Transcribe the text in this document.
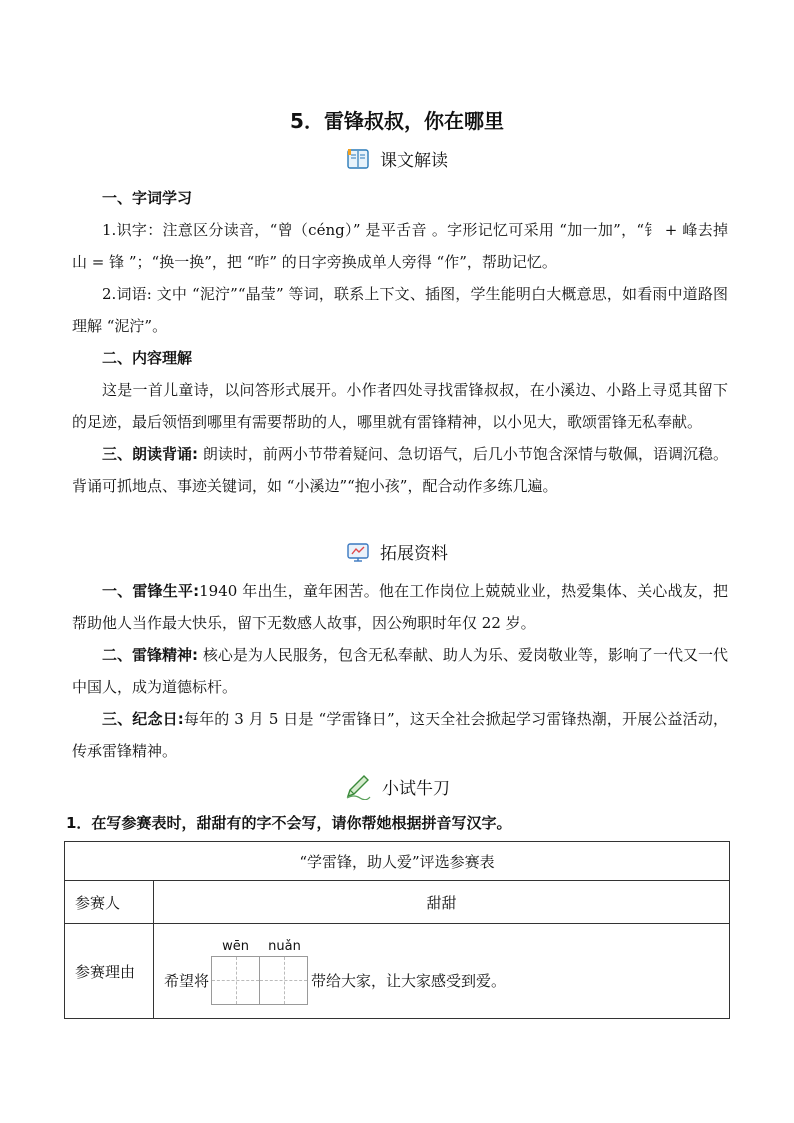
5．雷锋叔叔，你在哪里
课文解读
一、字词学习
1.识字：注意区分读音，“曾（céng）” 是平舌音 。字形记忆可采用 “加一加”，“钅 + 峰去掉山 = 锋 ”；“换一换”，把 “昨” 的日字旁换成单人旁得 “作”，帮助记忆。
2.词语: 文中 “泥泞”“晶莹” 等词，联系上下文、插图，学生能明白大概意思，如看雨中道路图理解 “泥泞”。
二、内容理解
这是一首儿童诗，以问答形式展开。小作者四处寻找雷锋叔叔，在小溪边、小路上寻觅其留下的足迹，最后领悟到哪里有需要帮助的人，哪里就有雷锋精神，以小见大，歌颂雷锋无私奉献。
三、朗读背诵: 朗读时，前两小节带着疑问、急切语气，后几小节饱含深情与敬佩，语调沉稳。背诵可抓地点、事迹关键词，如 “小溪边”“抱小孩”，配合动作多练几遍。
拓展资料
一、雷锋生平:1940 年出生，童年困苦。他在工作岗位上兢兢业业，热爱集体、关心战友，把帮助他人当作最大快乐，留下无数感人故事，因公殉职时年仅 22 岁。
二、雷锋精神: 核心是为人民服务，包含无私奉献、助人为乐、爱岗敬业等，影响了一代又一代中国人，成为道德标杆。
三、纪念日:每年的 3 月 5 日是 “学雷锋日”，这天全社会掀起学习雷锋热潮，开展公益活动，传承雷锋精神。
小试牛刀
1．在写参赛表时，甜甜有的字不会写，请你帮她根据拼音写汉字。
“学雷锋，助人爱”评选参赛表	
参赛人	甜甜
参赛理由	希望将
wēn nuǎn
带给大家，让大家感受到爱。
